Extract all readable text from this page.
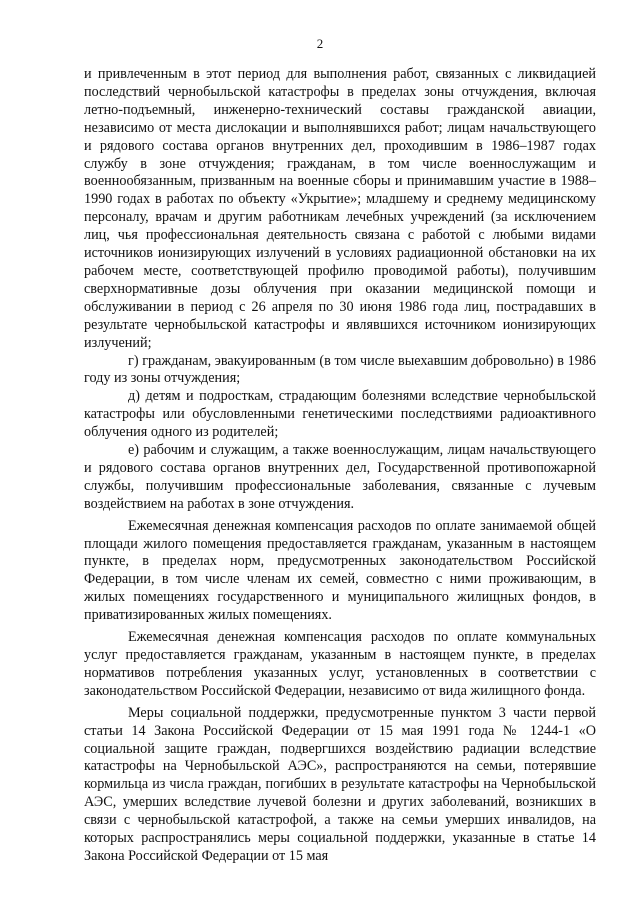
2

и привлеченным в этот период для выполнения работ, связанных с ликвидацией последствий чернобыльской катастрофы в пределах зоны отчуждения, включая летно-подъемный, инженерно-технический составы гражданской авиации, независимо от места дислокации и выполнявшихся работ; лицам начальствующего и рядового состава органов внутренних дел, проходившим в 1986–1987 годах службу в зоне отчуждения; гражданам, в том числе военнослужащим и военнообязанным, призванным на военные сборы и принимавшим участие в 1988–1990 годах в работах по объекту «Укрытие»; младшему и среднему медицинскому персоналу, врачам и другим работникам лечебных учреждений (за исключением лиц, чья профессиональная деятельность связана с работой с любыми видами источников ионизирующих излучений в условиях радиационной обстановки на их рабочем месте, соответствующей профилю проводимой работы), получившим сверхнормативные дозы облучения при оказании медицинской помощи и обслуживании в период с 26 апреля по 30 июня 1986 года лиц, пострадавших в результате чернобыльской катастрофы и являвшихся источником ионизирующих излучений;

г) гражданам, эвакуированным (в том числе выехавшим добровольно) в 1986 году из зоны отчуждения;

д) детям и подросткам, страдающим болезнями вследствие чернобыльской катастрофы или обусловленными генетическими последствиями радиоактивного облучения одного из родителей;

е) рабочим и служащим, а также военнослужащим, лицам начальствующего и рядового состава органов внутренних дел, Государственной противопожарной службы, получившим профессиональные заболевания, связанные с лучевым воздействием на работах в зоне отчуждения.

Ежемесячная денежная компенсация расходов по оплате занимаемой общей площади жилого помещения предоставляется гражданам, указанным в настоящем пункте, в пределах норм, предусмотренных законодательством Российской Федерации, в том числе членам их семей, совместно с ними проживающим, в жилых помещениях государственного и муниципального жилищных фондов, в приватизированных жилых помещениях.

Ежемесячная денежная компенсация расходов по оплате коммунальных услуг предоставляется гражданам, указанным в настоящем пункте, в пределах нормативов потребления указанных услуг, установленных в соответствии с законодательством Российской Федерации, независимо от вида жилищного фонда.

Меры социальной поддержки, предусмотренные пунктом 3 части первой статьи 14 Закона Российской Федерации от 15 мая 1991 года № 1244-1 «О социальной защите граждан, подвергшихся воздействию радиации вследствие катастрофы на Чернобыльской АЭС», распространяются на семьи, потерявшие кормильца из числа граждан, погибших в результате катастрофы на Чернобыльской АЭС, умерших вследствие лучевой болезни и других заболеваний, возникших в связи с чернобыльской катастрофой, а также на семьи умерших инвалидов, на которых распространялись меры социальной поддержки, указанные в статье 14 Закона Российской Федерации от 15 мая
